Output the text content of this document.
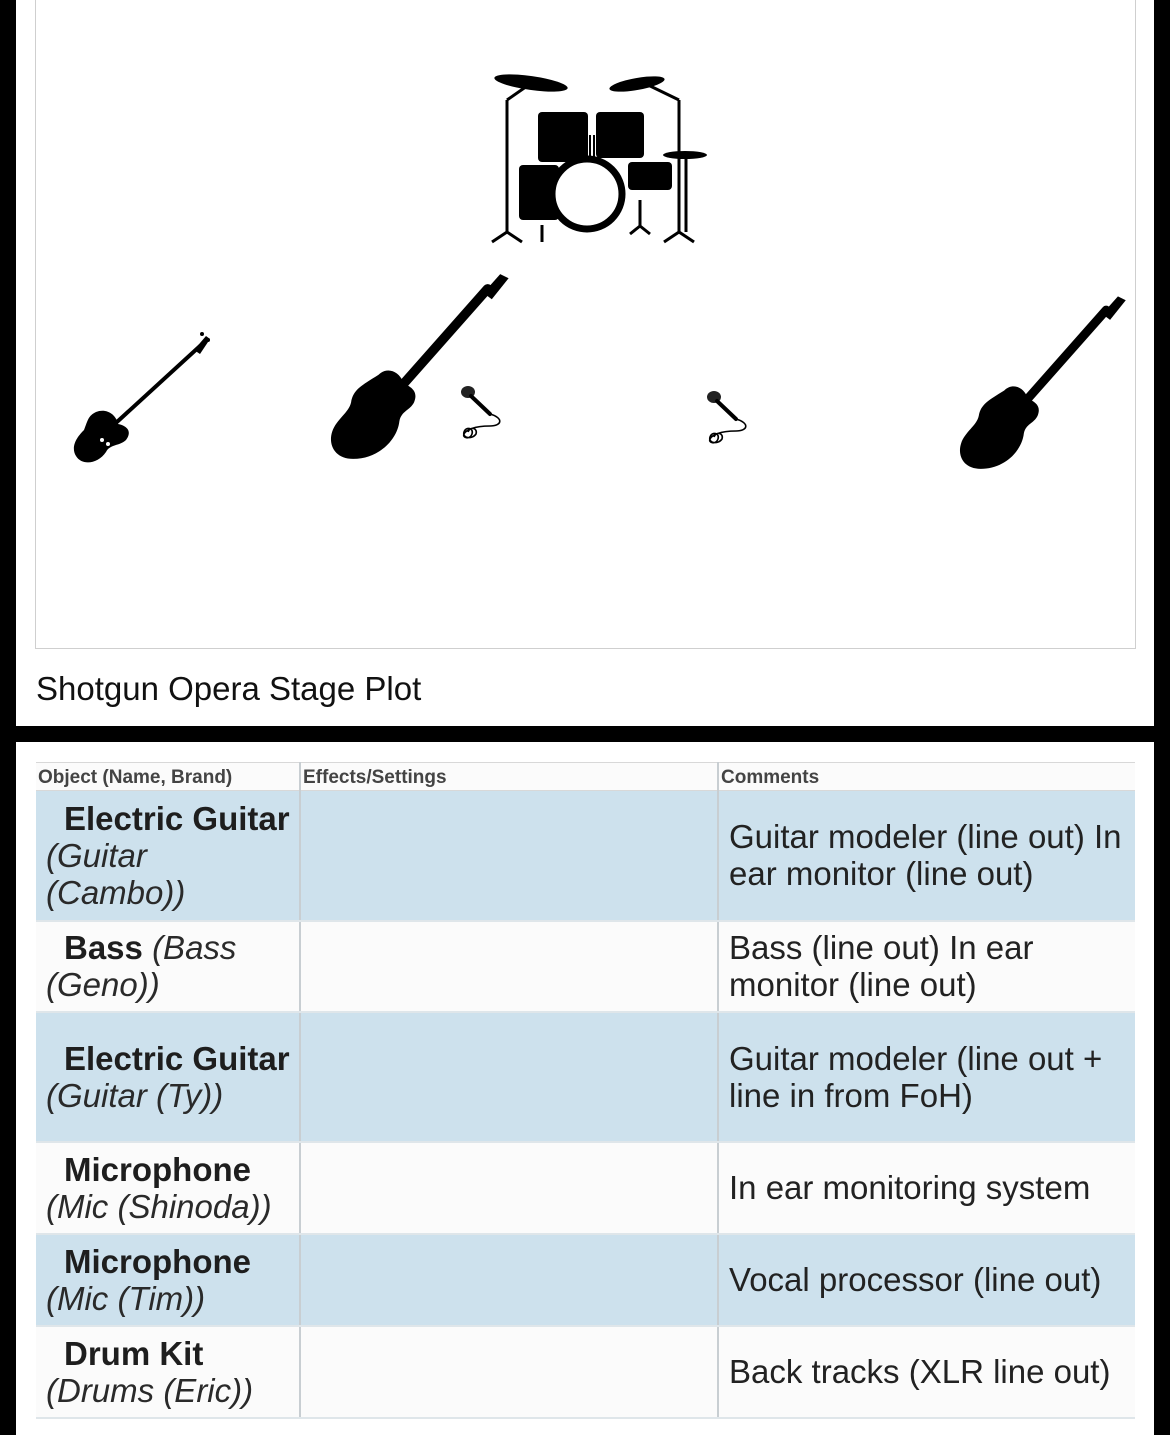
Shotgun Opera Stage Plot
Object (Name, Brand)	Effects/Settings	Comments
Electric Guitar (Guitar (Cambo))		Guitar modeler (line out) In ear monitor (line out)
Bass (Bass (Geno))		Bass (line out) In ear monitor (line out)
Electric Guitar (Guitar (Ty))		Guitar modeler (line out + line in from FoH)
Microphone (Mic (Shinoda))		In ear monitoring system
Microphone (Mic (Tim))		Vocal processor (line out)
Drum Kit (Drums (Eric))		Back tracks (XLR line out)
